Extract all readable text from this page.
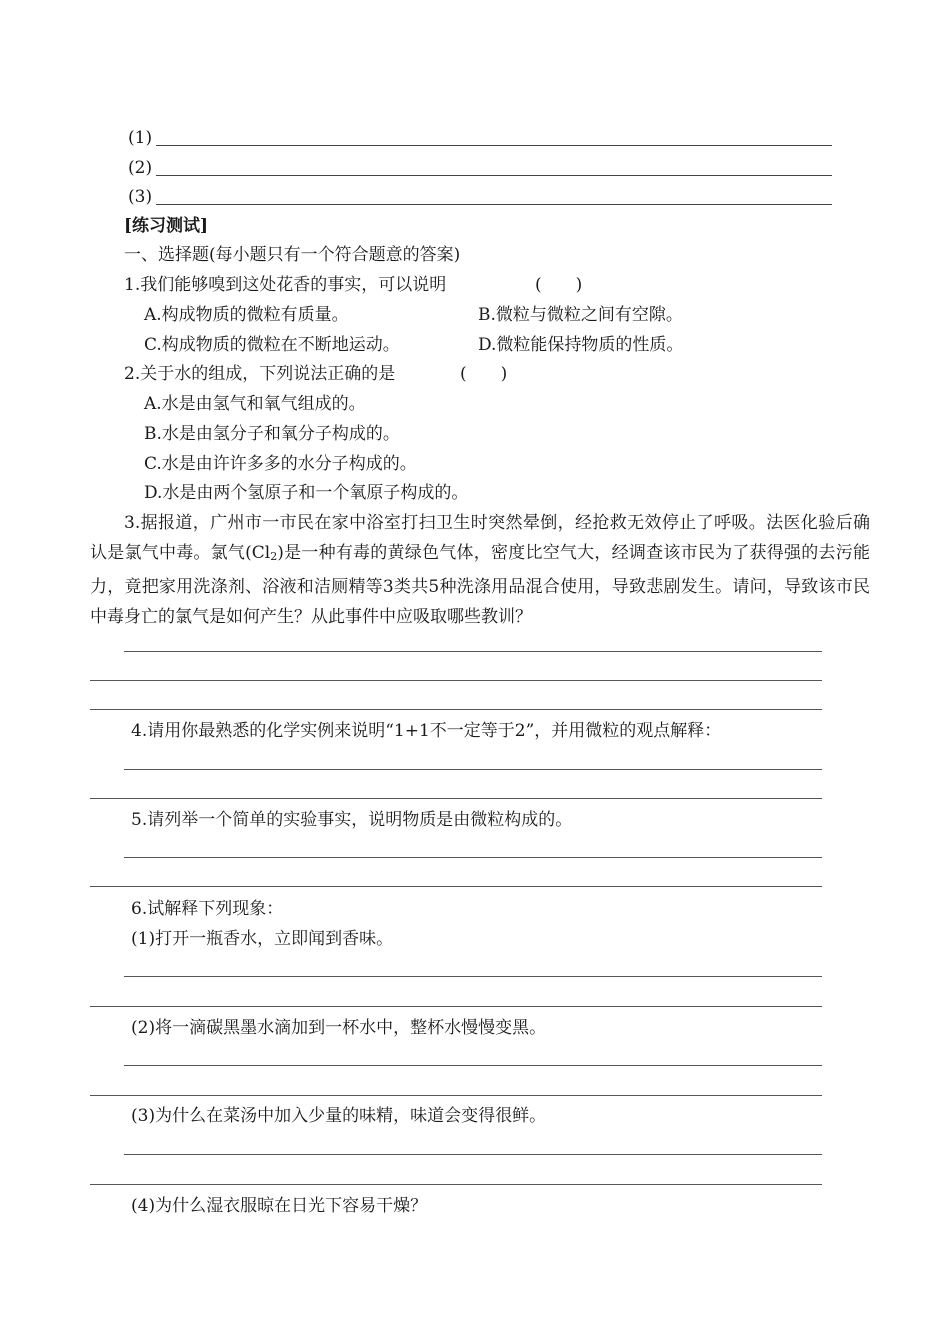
(1)
(2)
(3)
[练习测试]
一、选择题(每小题只有一个符合题意的答案)
1.我们能够嗅到这处花香的事实，可以说明	(　　)
A.构成物质的微粒有质量。	B.微粒与微粒之间有空隙。
C.构成物质的微粒在不断地运动。	D.微粒能保持物质的性质。
2.关于水的组成，下列说法正确的是	(　　)
A.水是由氢气和氧气组成的。
B.水是由氢分子和氧分子构成的。
C.水是由许许多多的水分子构成的。
D.水是由两个氢原子和一个氧原子构成的。
3.据报道，广州市一市民在家中浴室打扫卫生时突然晕倒，经抢救无效停止了呼吸。法医化验后确认是氯气中毒。氯气$(Cl_2)$是一种有毒的黄绿色气体，密度比空气大，经调查该市民为了获得强的去污能力，竟把家用洗涤剂、浴液和洁厕精等3类共5种洗涤用品混合使用，导致悲剧发生。请问，导致该市民中毒身亡的氯气是如何产生？从此事件中应吸取哪些教训？
4.请用你最熟悉的化学实例来说明“1+1不一定等于2”，并用微粒的观点解释：
5.请列举一个简单的实验事实，说明物质是由微粒构成的。
6.试解释下列现象：
(1)打开一瓶香水，立即闻到香味。
(2)将一滴碳黑墨水滴加到一杯水中，整杯水慢慢变黑。
(3)为什么在菜汤中加入少量的味精，味道会变得很鲜。
(4)为什么湿衣服晾在日光下容易干燥？
